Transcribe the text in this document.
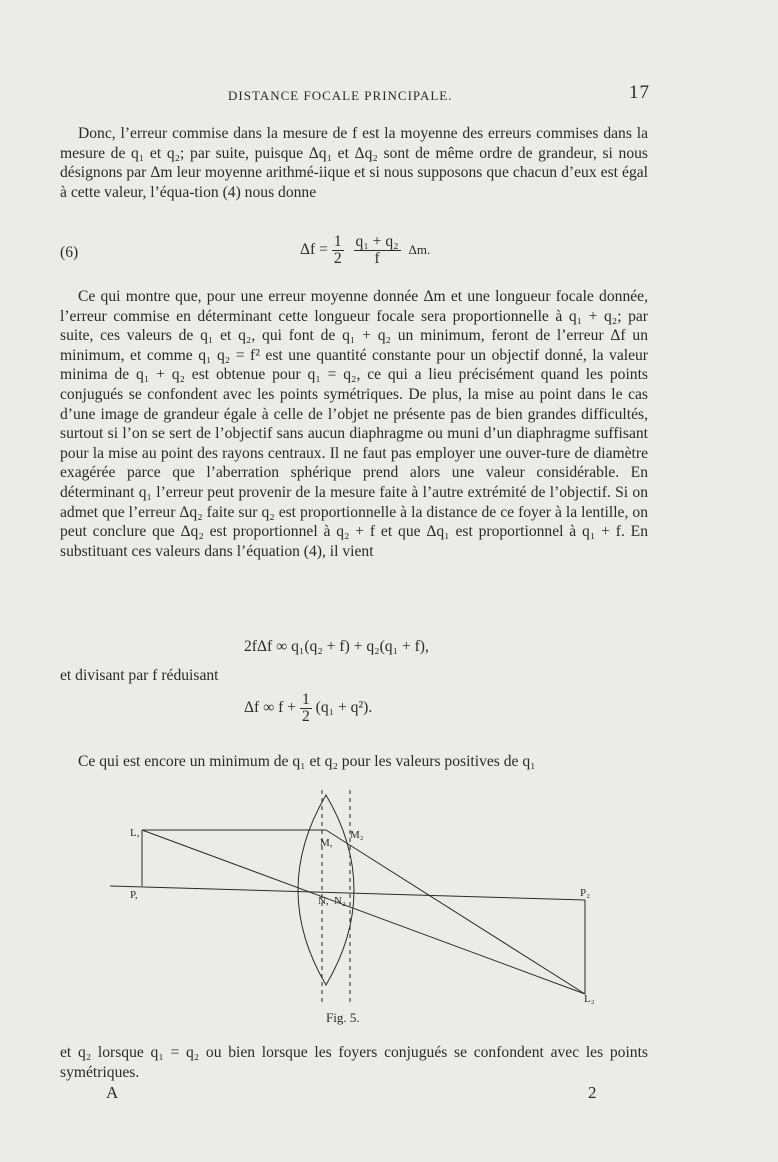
DISTANCE FOCALE PRINCIPALE.	17

Donc, l’erreur commise dans la mesure de f est la moyenne des erreurs commises dans la mesure de q₁ et q₂; par suite, puisque Δq₁ et Δq₂ sont de même ordre de grandeur, si nous désignons par Δm leur moyenne arithmé-iique et si nous supposons que chacun d’eux est égal à cette valeur, l’équa-tion (4) nous donne

(6)	$\Delta f = \frac{1}{2}$
$\frac{\text{q₁ + q₂}}{f} \Delta m$.

Ce qui montre que, pour une erreur moyenne donnée Δm et une longueur focale donnée, l’erreur commise en déterminant cette longueur focale sera proportionnelle à q₁ + q₂; par suite, ces valeurs de q₁ et q₂, qui font de q₁ + q₂ un minimum, feront de l’erreur Δf un minimum, et comme q₁ q₂ = f² est une quantité constante pour un objectif donné, la valeur minima de q₁ + q₂ est obtenue pour q₁ = q₂, ce qui a lieu précisément quand les points conjugués se confondent avec les points symétriques. De plus, la mise au point dans le cas d’une image de grandeur égale à celle de l’objet ne présente pas de bien grandes difficultés, surtout si l’on se sert de l’objectif sans aucun diaphragme ou muni d’un diaphragme suffisant pour la mise au point des rayons centraux. Il ne faut pas employer une ouver-ture de diamètre exagérée parce que l’aberration sphérique prend alors une valeur considérable. En déterminant q₁ l’erreur peut provenir de la mesure faite à l’autre extrémité de l’objectif. Si on admet que l’erreur Δq₂ faite sur q₂ est proportionnelle à la distance de ce foyer à la lentille, on peut conclure que Δq₂ est proportionnel à q₂ + f et que Δq₁ est proportionnel à q₁ + f. En substituant ces valeurs dans l’équation (4), il vient

2fΔf ∞ q₁(q₂ + f) + q₂(q₁ + f),

et divisant par f réduisant

Δf ∞ $f + \frac{1}{2} (q_1 + q^2)$.

Ce qui est encore un minimum de q₁ et q₂ pour les valeurs positives de q₁

L,
P,
M,
M₂
N, N₂
P₂
L₂
Fig. 5.

et q₂ lorsque q₁ = q₂ ou bien lorsque les foyers conjugués se confondent avec les points symétriques.

A	2
